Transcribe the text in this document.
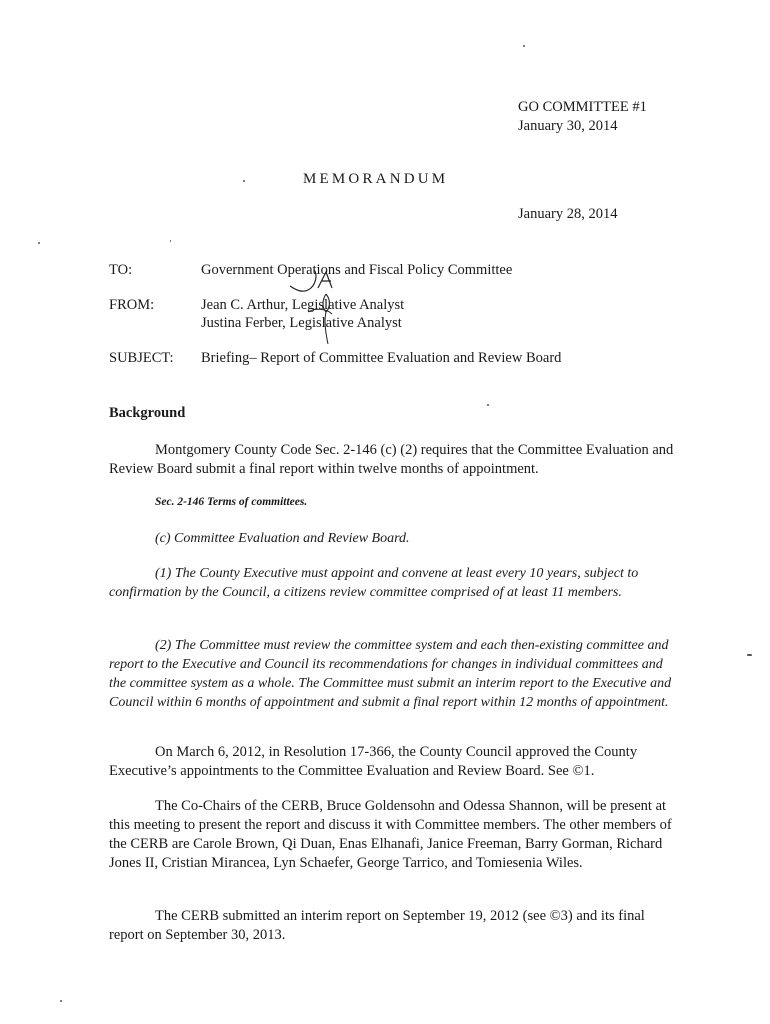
GO COMMITTEE #1
January 30, 2014
MEMORANDUM
January 28, 2014
TO:	Government Operations and Fiscal Policy Committee
FROM:	Jean C. Arthur, Legislative Analyst
Justina Ferber, Legislative Analyst
SUBJECT: Briefing– Report of Committee Evaluation and Review Board
Background
Montgomery County Code Sec. 2-146 (c) (2) requires that the Committee Evaluation and Review Board submit a final report within twelve months of appointment.
Sec. 2-146 Terms of committees.
(c) Committee Evaluation and Review Board.
(1) The County Executive must appoint and convene at least every 10 years, subject to confirmation by the Council, a citizens review committee comprised of at least 11 members.
(2) The Committee must review the committee system and each then-existing committee and report to the Executive and Council its recommendations for changes in individual committees and the committee system as a whole. The Committee must submit an interim report to the Executive and Council within 6 months of appointment and submit a final report within 12 months of appointment.
On March 6, 2012, in Resolution 17-366, the County Council approved the County Executive’s appointments to the Committee Evaluation and Review Board. See ©1.
The Co-Chairs of the CERB, Bruce Goldensohn and Odessa Shannon, will be present at this meeting to present the report and discuss it with Committee members. The other members of the CERB are Carole Brown, Qi Duan, Enas Elhanafi, Janice Freeman, Barry Gorman, Richard Jones II, Cristian Mirancea, Lyn Schaefer, George Tarrico, and Tomiesenia Wiles.
The CERB submitted an interim report on September 19, 2012 (see ©3) and its final report on September 30, 2013.
